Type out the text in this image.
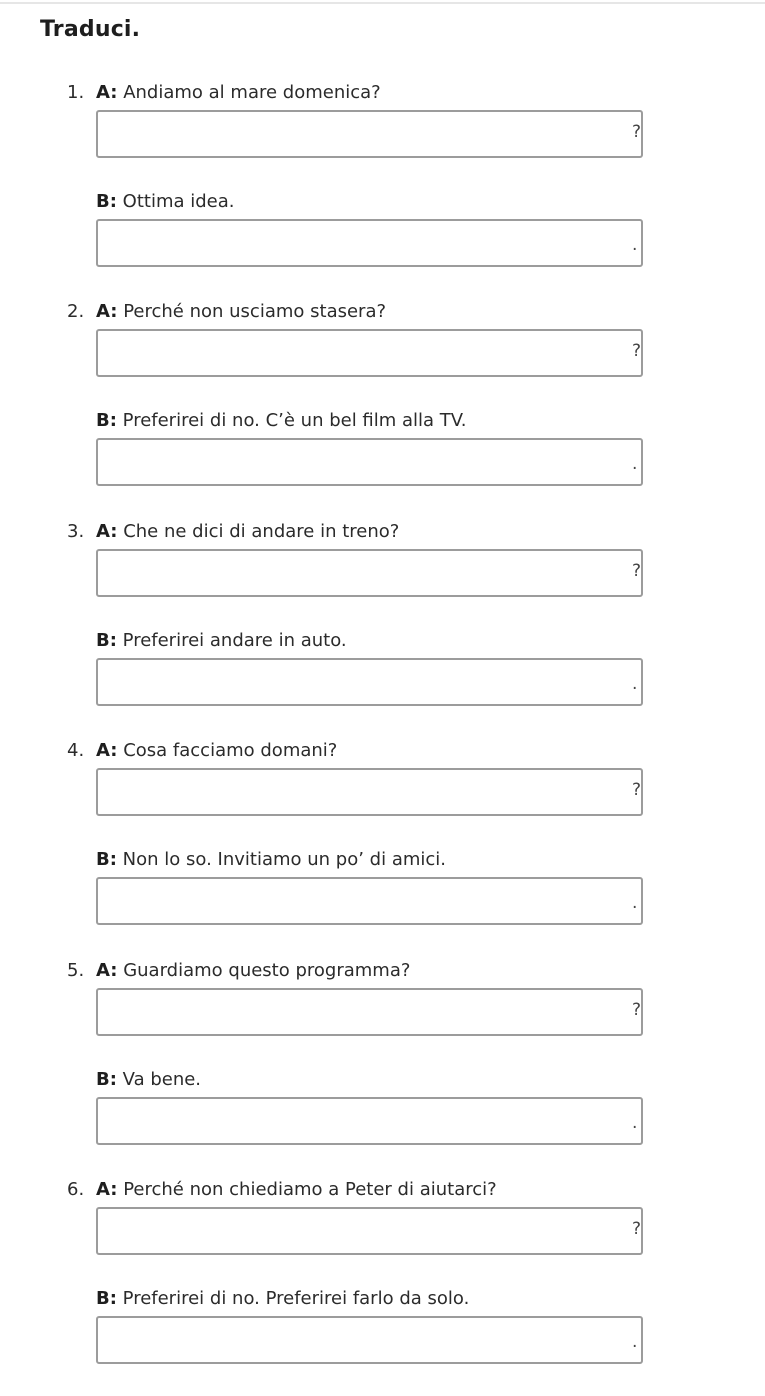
Traduci.
1. A: Andiamo al mare domenica?
?
B: Ottima idea.
.
2. A: Perché non usciamo stasera?
?
B: Preferirei di no. C’è un bel film alla TV.
.
3. A: Che ne dici di andare in treno?
?
B: Preferirei andare in auto.
.
4. A: Cosa facciamo domani?
?
B: Non lo so. Invitiamo un po’ di amici.
.
5. A: Guardiamo questo programma?
?
B: Va bene.
.
6. A: Perché non chiediamo a Peter di aiutarci?
?
B: Preferirei di no. Preferirei farlo da solo.
.
